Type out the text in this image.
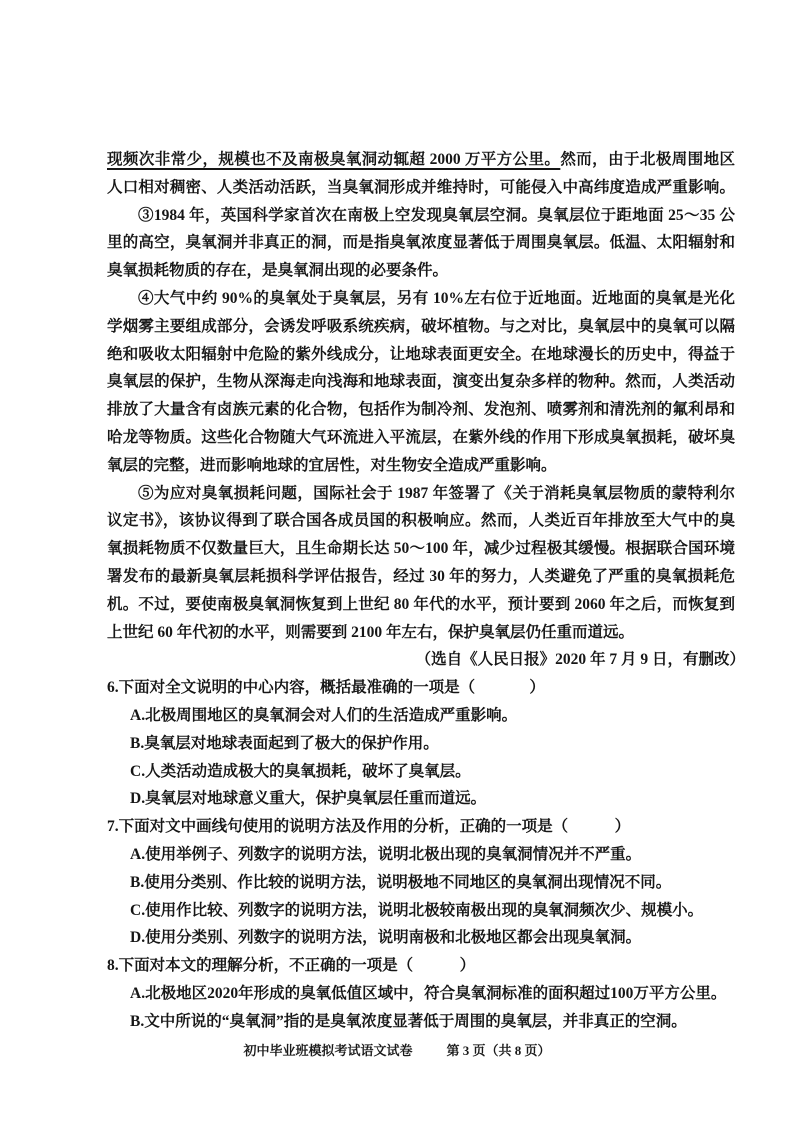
现频次非常少，规模也不及南极臭氧洞动辄超 2000 万平方公里。然而，由于北极周围地区
人口相对稠密、人类活动活跃，当臭氧洞形成并维持时，可能侵入中高纬度造成严重影响。
③1984 年，英国科学家首次在南极上空发现臭氧层空洞。臭氧层位于距地面 25～35 公
里的高空，臭氧洞并非真正的洞，而是指臭氧浓度显著低于周围臭氧层。低温、太阳辐射和
臭氧损耗物质的存在，是臭氧洞出现的必要条件。
④大气中约 90%的臭氧处于臭氧层，另有 10%左右位于近地面。近地面的臭氧是光化
学烟雾主要组成部分，会诱发呼吸系统疾病，破坏植物。与之对比，臭氧层中的臭氧可以隔
绝和吸收太阳辐射中危险的紫外线成分，让地球表面更安全。在地球漫长的历史中，得益于
臭氧层的保护，生物从深海走向浅海和地球表面，演变出复杂多样的物种。然而，人类活动
排放了大量含有卤族元素的化合物，包括作为制冷剂、发泡剂、喷雾剂和清洗剂的氟利昂和
哈龙等物质。这些化合物随大气环流进入平流层，在紫外线的作用下形成臭氧损耗，破坏臭
氧层的完整，进而影响地球的宜居性，对生物安全造成严重影响。
⑤为应对臭氧损耗问题，国际社会于 1987 年签署了《关于消耗臭氧层物质的蒙特利尔
议定书》，该协议得到了联合国各成员国的积极响应。然而，人类近百年排放至大气中的臭
氧损耗物质不仅数量巨大，且生命期长达 50～100 年，减少过程极其缓慢。根据联合国环境
署发布的最新臭氧层耗损科学评估报告，经过 30 年的努力，人类避免了严重的臭氧损耗危
机。不过，要使南极臭氧洞恢复到上世纪 80 年代的水平，预计要到 2060 年之后，而恢复到
上世纪 60 年代初的水平，则需要到 2100 年左右，保护臭氧层仍任重而道远。
（选自《人民日报》2020 年 7 月 9 日，有删改）
6.下面对全文说明的中心内容，概括最准确的一项是（              ）
A.北极周围地区的臭氧洞会对人们的生活造成严重影响。
B.臭氧层对地球表面起到了极大的保护作用。
C.人类活动造成极大的臭氧损耗，破坏了臭氧层。
D.臭氧层对地球意义重大，保护臭氧层任重而道远。
7.下面对文中画线句使用的说明方法及作用的分析，正确的一项是（            ）
A.使用举例子、列数字的说明方法，说明北极出现的臭氧洞情况并不严重。
B.使用分类别、作比较的说明方法，说明极地不同地区的臭氧洞出现情况不同。
C.使用作比较、列数字的说明方法，说明北极较南极出现的臭氧洞频次少、规模小。
D.使用分类别、列数字的说明方法，说明南极和北极地区都会出现臭氧洞。
8.下面对本文的理解分析，不正确的一项是（            ）
A.北极地区2020年形成的臭氧低值区域中，符合臭氧洞标准的面积超过100万平方公里。
B.文中所说的“臭氧洞”指的是臭氧浓度显著低于周围的臭氧层，并非真正的空洞。
初中毕业班模拟考试语文试卷	第 3 页（共 8 页）
